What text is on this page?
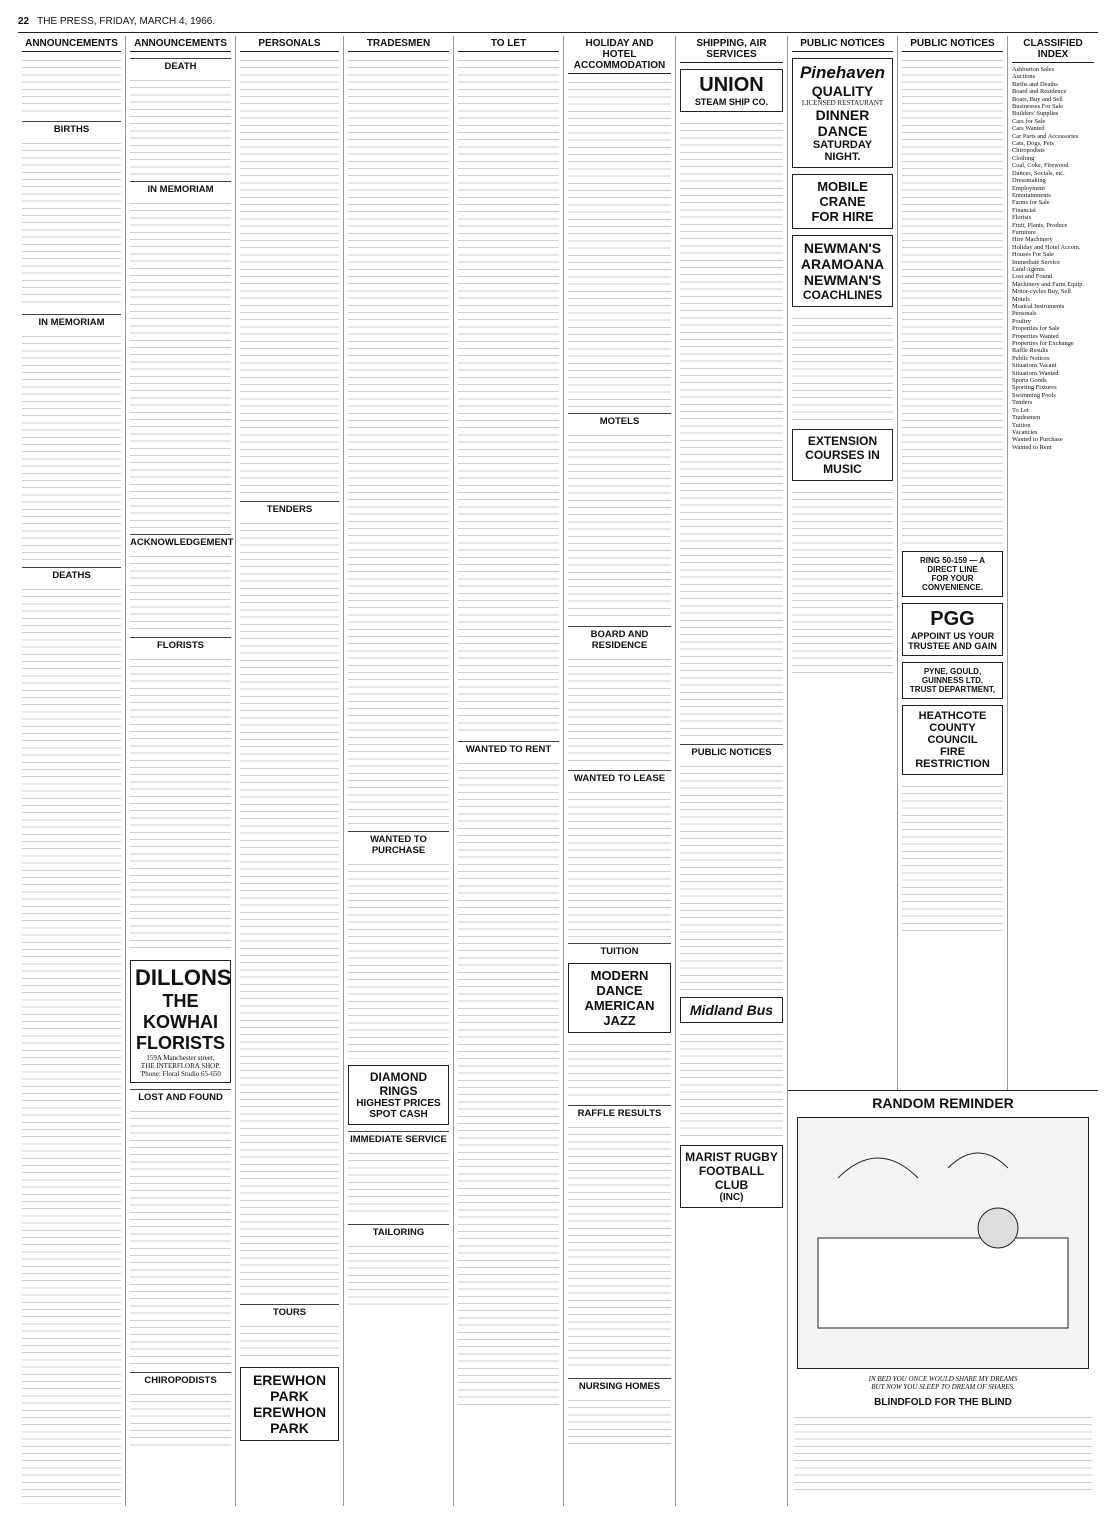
22 THE PRESS, FRIDAY, MARCH 4, 1966.
ANNOUNCEMENTS
BIRTHS
IN MEMORIAM
DEATHS
ANNOUNCEMENTS
DEATH
IN MEMORIAM
ACKNOWLEDGEMENT
FLORISTS
DILLONS
THE KOWHAI
FLORISTS
159A Manchester street,
THE INTERFLORA SHOP.
'Phone: Floral Studio 65-650
LOST AND FOUND
CHIROPODISTS
PERSONALS
TENDERS
TOURS
EREWHON PARK
EREWHON PARK
TRADESMEN
WANTED TO PURCHASE
DIAMOND RINGS
HIGHEST PRICES
SPOT CASH
IMMEDIATE SERVICE
TAILORING
TO LET
WANTED TO RENT
HOLIDAY AND HOTEL ACCOMMODATION
MOTELS
BOARD AND RESIDENCE
WANTED TO LEASE
TUITION
MODERN DANCE
AMERICAN JAZZ
RAFFLE RESULTS
NURSING HOMES
SHIPPING, AIR SERVICES
UNION
STEAM SHIP CO.
PUBLIC NOTICES
Midland Bus
MARIST RUGBY
FOOTBALL CLUB
(INC)
PUBLIC NOTICES
Pinehaven
QUALITY
LICENSED RESTAURANT
DINNER DANCE
SATURDAY NIGHT.
MOBILE CRANE
FOR HIRE
NEWMAN'S
ARAMOANA
NEWMAN'S
COACHLINES
EXTENSION COURSES IN
MUSIC
PUBLIC NOTICES
RING 50-159 — A DIRECT LINE
FOR YOUR CONVENIENCE.
PGG
APPOINT US YOUR
TRUSTEE AND GAIN
PYNE, GOULD, GUINNESS LTD.
TRUST DEPARTMENT,
HEATHCOTE COUNTY
COUNCIL
FIRE RESTRICTION
CLASSIFIED INDEX
Ashburton Sales
Auctions
Births and Deaths
Board and Residence
Boats, Buy and Sell
Businesses For Sale
Builders' Supplies
Cars for Sale
Cars Wanted
Car Parts and Accessories
Cats, Dogs, Pets
Chiropodists
Clothing
Coal, Coke, Firewood
Dances, Socials, etc.
Dressmaking
Employment
Entertainments
Farms for Sale
Financial
Florists
Fruit, Plants, Produce
Furniture
Hire Machinery
Holiday and Hotel Accom.
Houses For Sale
Immediate Service
Land Agents
Lost and Found
Machinery and Farm Equip.
Motor-cycles Buy, Sell
Motels
Musical Instruments
Personals
Poultry
Properties for Sale
Properties Wanted
Properties for Exchange
Raffle Results
Public Notices
Situations Vacant
Situations Wanted
Sports Goods
Sporting Fixtures
Swimming Pools
Tenders
To Let
Tradesmen
Tuition
Vacancies
Wanted to Purchase
Wanted to Rent
RANDOM REMINDER
IN BED YOU ONCE WOULD SHARE MY DREAMS
BUT NOW YOU SLEEP TO DREAM OF SHARES.
BLINDFOLD FOR THE BLIND
